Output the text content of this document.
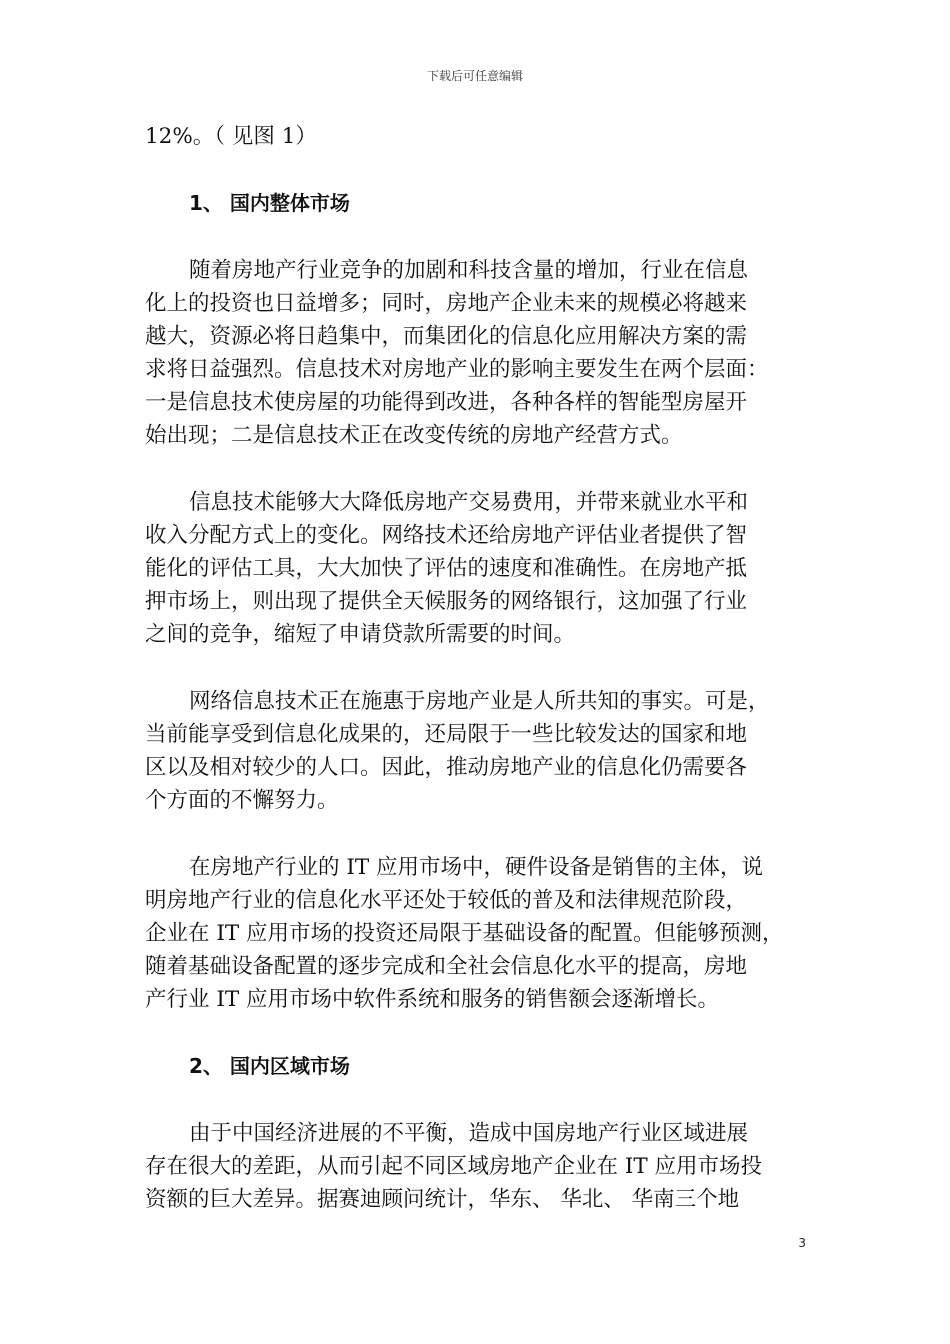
下载后可任意编辑
12%。（ 见图 1）
1、 国内整体市场
随着房地产行业竞争的加剧和科技含量的增加，行业在信息
化上的投资也日益增多；同时，房地产企业未来的规模必将越来
越大，资源必将日趋集中，而集团化的信息化应用解决方案的需
求将日益强烈。信息技术对房地产业的影响主要发生在两个层面：
一是信息技术使房屋的功能得到改进，各种各样的智能型房屋开
始出现；二是信息技术正在改变传统的房地产经营方式。
信息技术能够大大降低房地产交易费用，并带来就业水平和
收入分配方式上的变化。网络技术还给房地产评估业者提供了智
能化的评估工具，大大加快了评估的速度和准确性。在房地产抵
押市场上，则出现了提供全天候服务的网络银行，这加强了行业
之间的竞争，缩短了申请贷款所需要的时间。
网络信息技术正在施惠于房地产业是人所共知的事实。可是，
当前能享受到信息化成果的，还局限于一些比较发达的国家和地
区以及相对较少的人口。因此，推动房地产业的信息化仍需要各
个方面的不懈努力。
在房地产行业的 IT 应用市场中，硬件设备是销售的主体，说
明房地产行业的信息化水平还处于较低的普及和法律规范阶段，
企业在 IT 应用市场的投资还局限于基础设备的配置。但能够预测，
随着基础设备配置的逐步完成和全社会信息化水平的提高，房地
产行业 IT 应用市场中软件系统和服务的销售额会逐渐增长。
2、 国内区域市场
由于中国经济进展的不平衡，造成中国房地产行业区域进展
存在很大的差距，从而引起不同区域房地产企业在 IT 应用市场投
资额的巨大差异。据赛迪顾问统计，华东、 华北、 华南三个地
3
